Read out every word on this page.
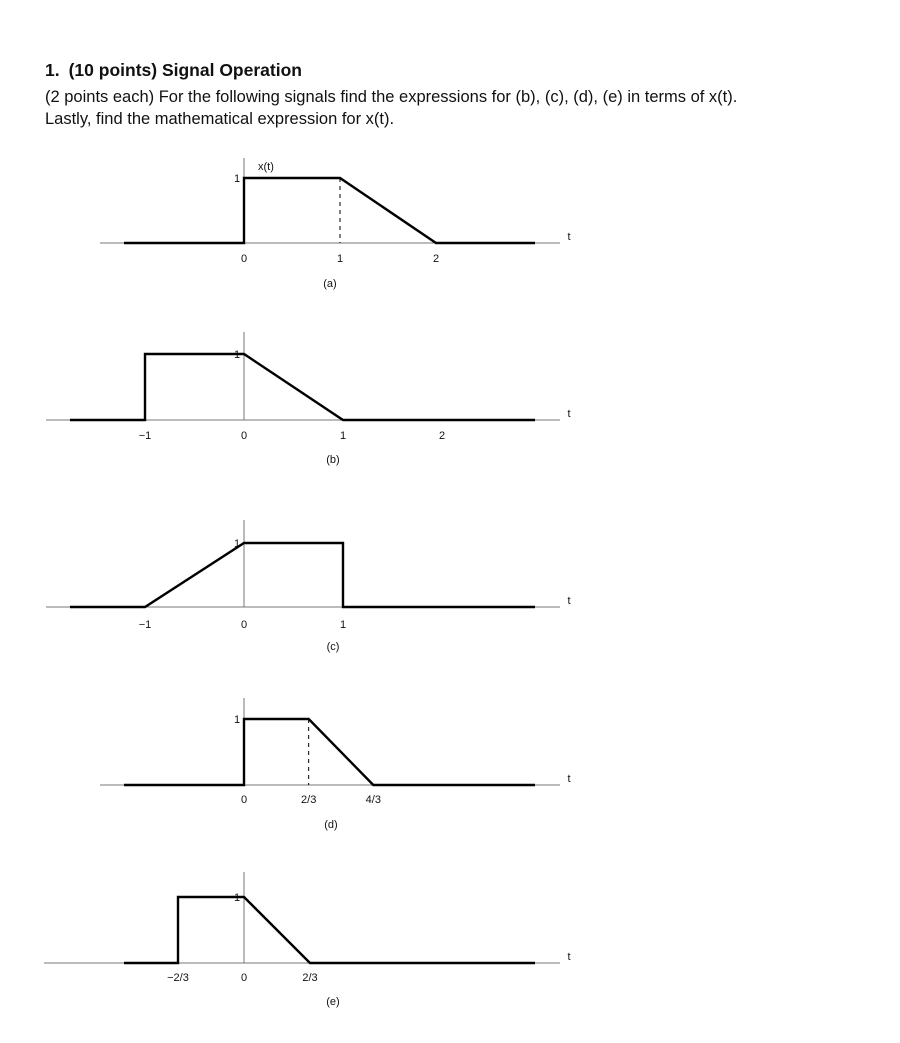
1. (10 points) Signal Operation

(2 points each) For the following signals find the expressions for (b), (c), (d), (e) in terms of x(t).
Lastly, find the mathematical expression for x(t).

t
1
x(t)
0	1	2
(a)
t
1
−1	0	1	2
(b)
t
1
−1	0	1
(c)
t
1
0	2/3	4/3
(d)
t
1
−2/3	0	2/3
(e)
